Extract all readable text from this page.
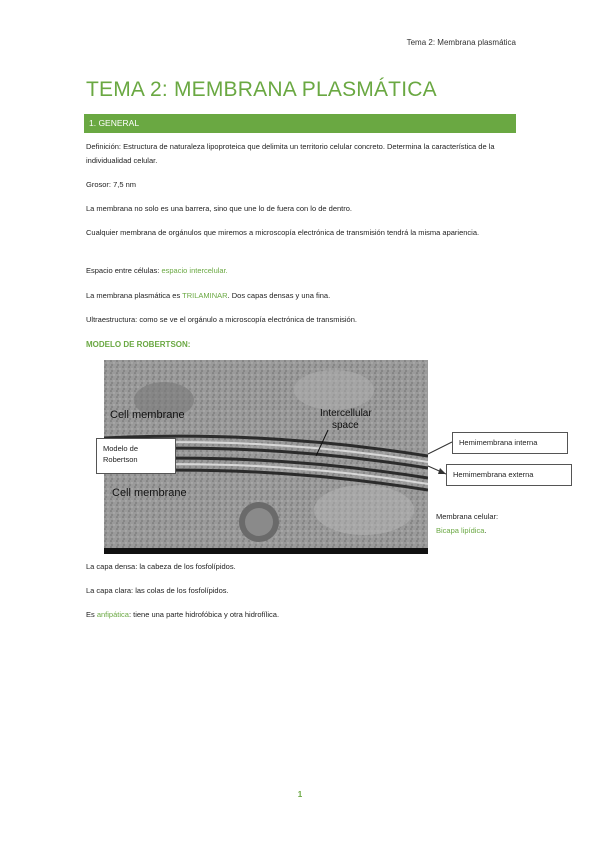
Tema 2: Membrana plasmática
TEMA 2: MEMBRANA PLASMÁTICA
1. GENERAL

Definición: Estructura de naturaleza lipoproteica que delimita un territorio celular concreto. Determina la característica de la individualidad celular.

Grosor: 7,5 nm

La membrana no solo es una barrera, sino que une lo de fuera con lo de dentro.

Cualquier membrana de orgánulos que miremos a microscopía electrónica de transmisión tendrá la misma apariencia.

Espacio entre células: espacio intercelular.

La membrana plasmática es TRILAMINAR. Dos capas densas y una fina.

Ultraestructura: como se ve el orgánulo a microscopía electrónica de transmisión.

MODELO DE ROBERTSON:
Cell membrane	Intercellular
space
Cell membrane
Modelo de Robertson
Hemimembrana interna
Hemimembrana externa
Membrana celular: Bicapa lipídica.

La capa densa: la cabeza de los fosfolípidos.

La capa clara: las colas de los fosfolípidos.

Es anfipática: tiene una parte hidrofóbica y otra hidrofílica.

1
